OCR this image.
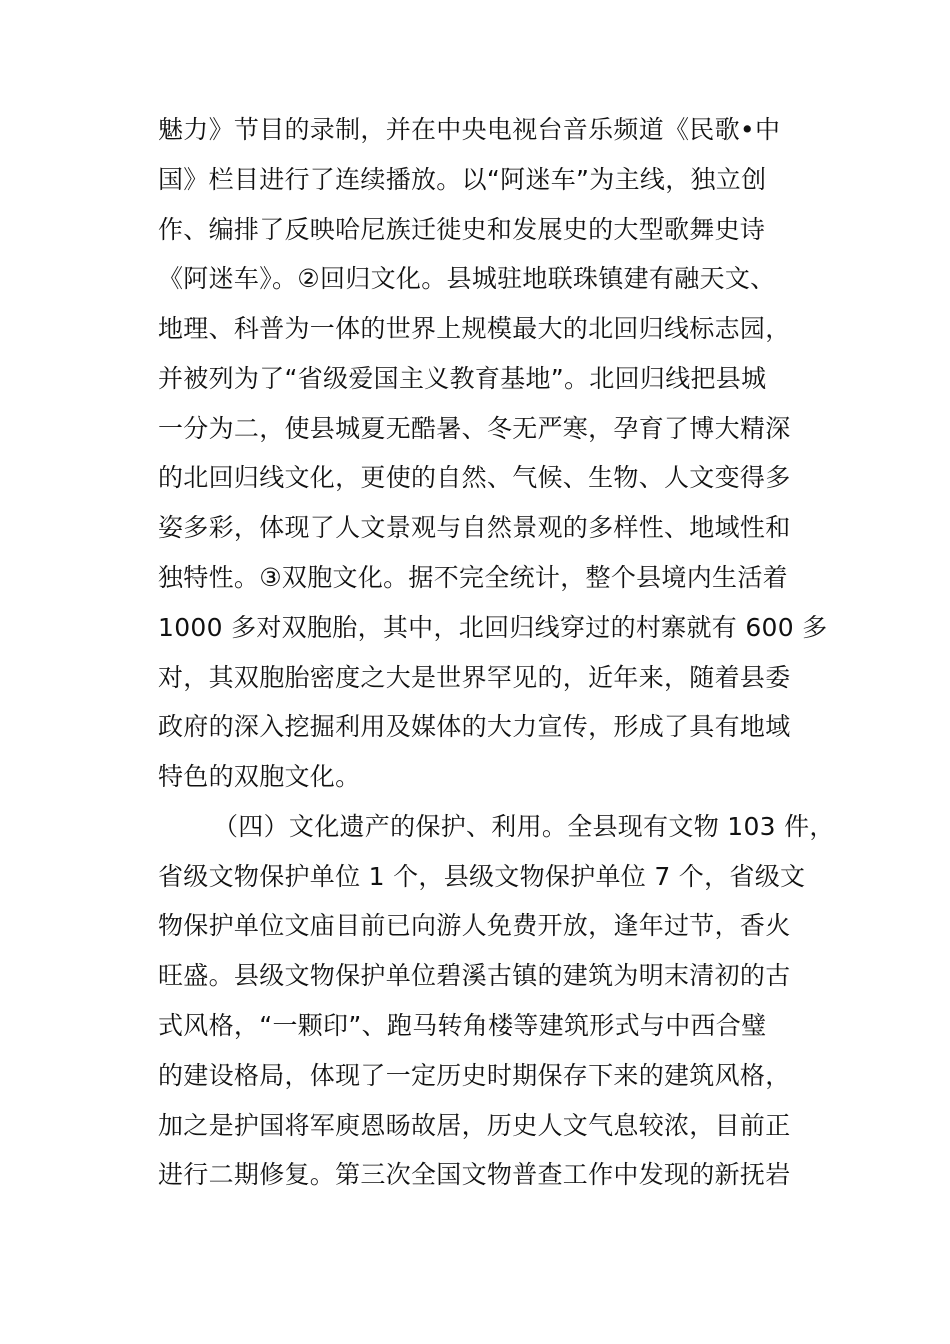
魅力》节目的录制，并在中央电视台音乐频道《民歌•中
国》栏目进行了连续播放。以“阿迷车”为主线，独立创
作、编排了反映哈尼族迁徙史和发展史的大型歌舞史诗
《阿迷车》。②回归文化。县城驻地联珠镇建有融天文、
地理、科普为一体的世界上规模最大的北回归线标志园，
并被列为了“省级爱国主义教育基地”。北回归线把县城
一分为二，使县城夏无酷暑、冬无严寒，孕育了博大精深
的北回归线文化，更使的自然、气候、生物、人文变得多
姿多彩，体现了人文景观与自然景观的多样性、地域性和
独特性。③双胞文化。据不完全统计，整个县境内生活着
1000 多对双胞胎，其中，北回归线穿过的村寨就有 600 多
对，其双胞胎密度之大是世界罕见的，近年来，随着县委
政府的深入挖掘利用及媒体的大力宣传，形成了具有地域
特色的双胞文化。
（四）文化遗产的保护、利用。全县现有文物 103 件，
省级文物保护单位 1 个，县级文物保护单位 7 个，省级文
物保护单位文庙目前已向游人免费开放，逢年过节，香火
旺盛。县级文物保护单位碧溪古镇的建筑为明末清初的古
式风格，“一颗印”、跑马转角楼等建筑形式与中西合璧
的建设格局，体现了一定历史时期保存下来的建筑风格，
加之是护国将军庾恩旸故居，历史人文气息较浓，目前正
进行二期修复。第三次全国文物普查工作中发现的新抚岩
